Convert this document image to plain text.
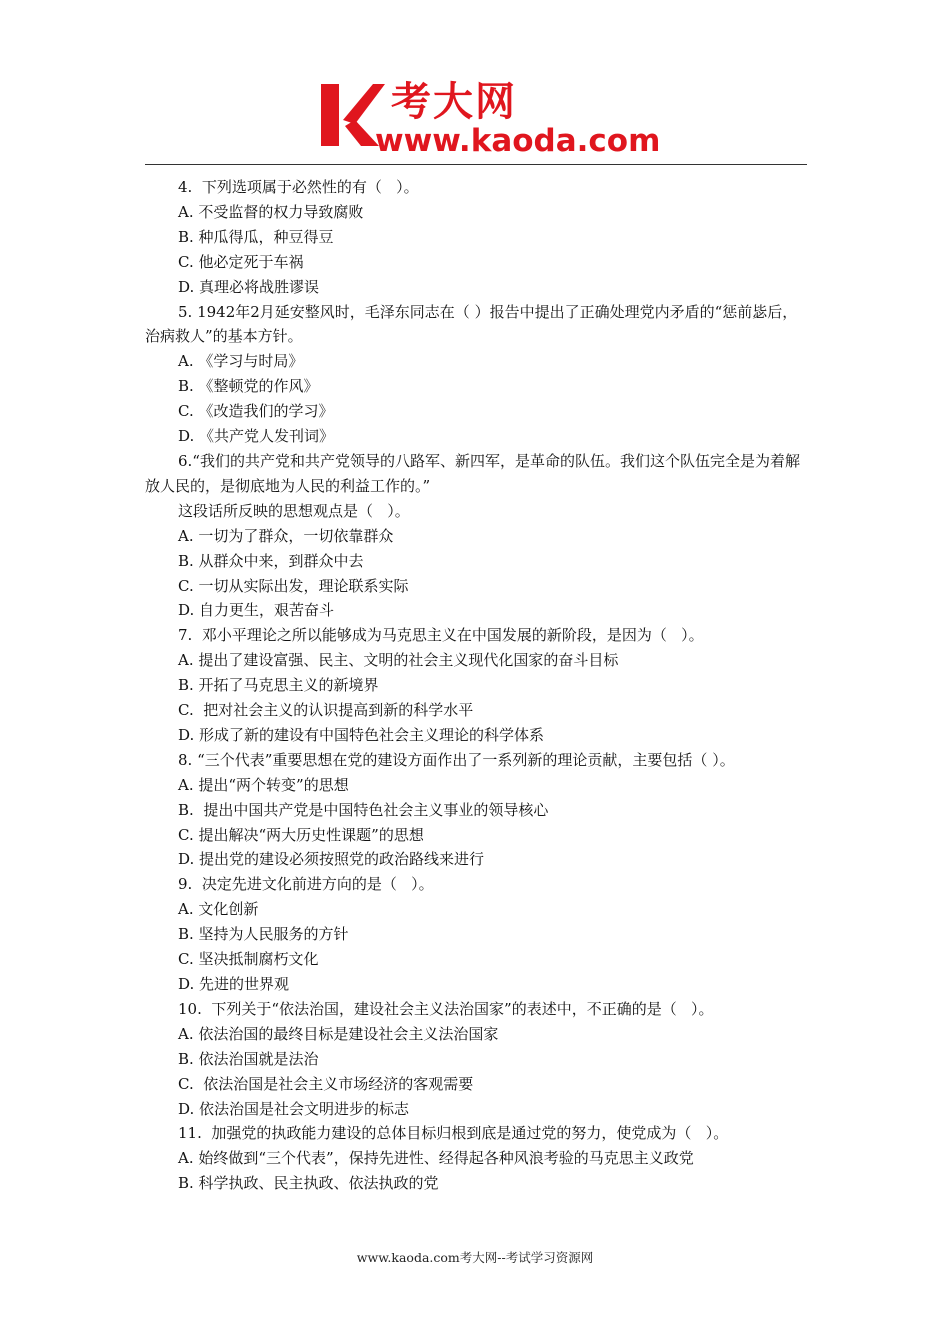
考大网
www.kaoda.com
4.  下列选项属于必然性的有（   ）。
A. 不受监督的权力导致腐败
B. 种瓜得瓜，种豆得豆
C. 他必定死于车祸
D. 真理必将战胜谬误
5. 1942年2月延安整风时，毛泽东同志在（ ）报告中提出了正确处理党内矛盾的“惩前毖后，治病救人”的基本方针。
A. 《学习与时局》
B. 《整顿党的作风》
C. 《改造我们的学习》
D. 《共产党人发刊词》
6.“我们的共产党和共产党领导的八路军、新四军，是革命的队伍。我们这个队伍完全是为着解放人民的，是彻底地为人民的利益工作的。”
这段话所反映的思想观点是（   ）。
A. 一切为了群众，一切依靠群众
B. 从群众中来，到群众中去
C. 一切从实际出发，理论联系实际
D. 自力更生，艰苦奋斗
7.  邓小平理论之所以能够成为马克思主义在中国发展的新阶段，是因为（   ）。
A. 提出了建设富强、民主、文明的社会主义现代化国家的奋斗目标
B. 开拓了马克思主义的新境界
C.  把对社会主义的认识提高到新的科学水平
D. 形成了新的建设有中国特色社会主义理论的科学体系
8. “三个代表”重要思想在党的建设方面作出了一系列新的理论贡献，主要包括（ ）。
A. 提出“两个转变”的思想
B.  提出中国共产党是中国特色社会主义事业的领导核心
C. 提出解决“两大历史性课题”的思想
D. 提出党的建设必须按照党的政治路线来进行
9.  决定先进文化前进方向的是（   ）。
A. 文化创新
B. 坚持为人民服务的方针
C. 坚决抵制腐朽文化
D. 先进的世界观
10.  下列关于“依法治国，建设社会主义法治国家”的表述中，不正确的是（   ）。
A. 依法治国的最终目标是建设社会主义法治国家
B. 依法治国就是法治
C.  依法治国是社会主义市场经济的客观需要
D. 依法治国是社会文明进步的标志
11.  加强党的执政能力建设的总体目标归根到底是通过党的努力，使党成为（   ）。
A. 始终做到“三个代表”，保持先进性、经得起各种风浪考验的马克思主义政党
B. 科学执政、民主执政、依法执政的党
www.kaoda.com考大网--考试学习资源网
